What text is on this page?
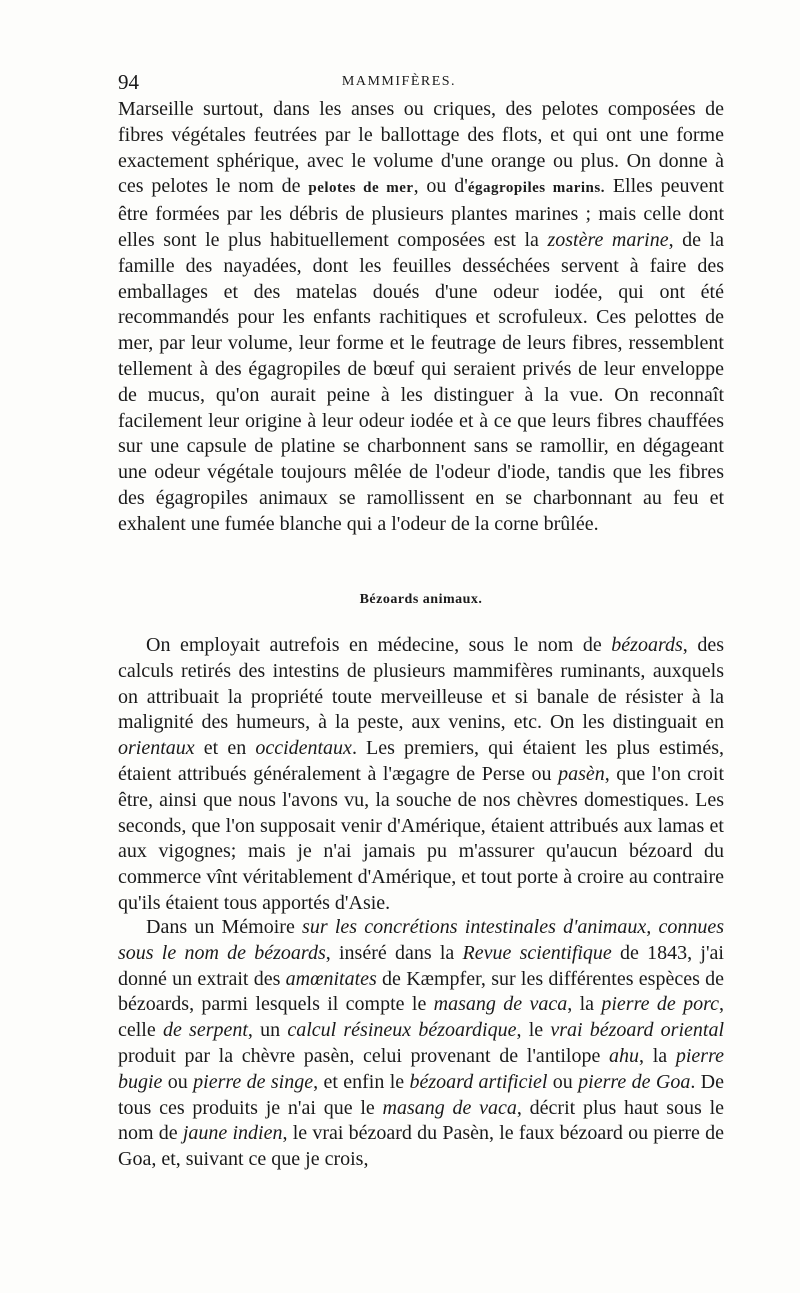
94	MAMMIFÈRES.

Marseille surtout, dans les anses ou criques, des pelotes composées de fibres végétales feutrées par le ballottage des flots, et qui ont une forme exactement sphérique, avec le volume d'une orange ou plus. On donne à ces pelotes le nom de pelotes de mer, ou d'égagropiles marins. Elles peuvent être formées par les débris de plusieurs plantes marines ; mais celle dont elles sont le plus habituellement composées est la zostère marine, de la famille des nayadées, dont les feuilles desséchées servent à faire des emballages et des matelas doués d'une odeur iodée, qui ont été recommandés pour les enfants rachitiques et scrofuleux. Ces pelottes de mer, par leur volume, leur forme et le feutrage de leurs fibres, ressemblent tellement à des égagropiles de bœuf qui seraient privés de leur enveloppe de mucus, qu'on aurait peine à les distinguer à la vue. On reconnaît facilement leur origine à leur odeur iodée et à ce que leurs fibres chauffées sur une capsule de platine se charbonnent sans se ramollir, en dégageant une odeur végétale toujours mêlée de l'odeur d'iode, tandis que les fibres des égagropiles animaux se ramollissent en se charbonnant au feu et exhalent une fumée blanche qui a l'odeur de la corne brûlée.

Bézoards animaux.

On employait autrefois en médecine, sous le nom de bézoards, des calculs retirés des intestins de plusieurs mammifères ruminants, auxquels on attribuait la propriété toute merveilleuse et si banale de résister à la malignité des humeurs, à la peste, aux venins, etc. On les distinguait en orientaux et en occidentaux. Les premiers, qui étaient les plus estimés, étaient attribués généralement à l'ægagre de Perse ou pasèn, que l'on croit être, ainsi que nous l'avons vu, la souche de nos chèvres domestiques. Les seconds, que l'on supposait venir d'Amérique, étaient attribués aux lamas et aux vigognes; mais je n'ai jamais pu m'assurer qu'aucun bézoard du commerce vînt véritablement d'Amérique, et tout porte à croire au contraire qu'ils étaient tous apportés d'Asie.

Dans un Mémoire sur les concrétions intestinales d'animaux, connues sous le nom de bézoards, inséré dans la Revue scientifique de 1843, j'ai donné un extrait des amœnitates de Kæmpfer, sur les différentes espèces de bézoards, parmi lesquels il compte le masang de vaca, la pierre de porc, celle de serpent, un calcul résineux bézoardique, le vrai bézoard oriental produit par la chèvre pasèn, celui provenant de l'antilope ahu, la pierre bugie ou pierre de singe, et enfin le bézoard artificiel ou pierre de Goa. De tous ces produits je n'ai que le masang de vaca, décrit plus haut sous le nom de jaune indien, le vrai bézoard du Pasèn, le faux bézoard ou pierre de Goa, et, suivant ce que je crois,
